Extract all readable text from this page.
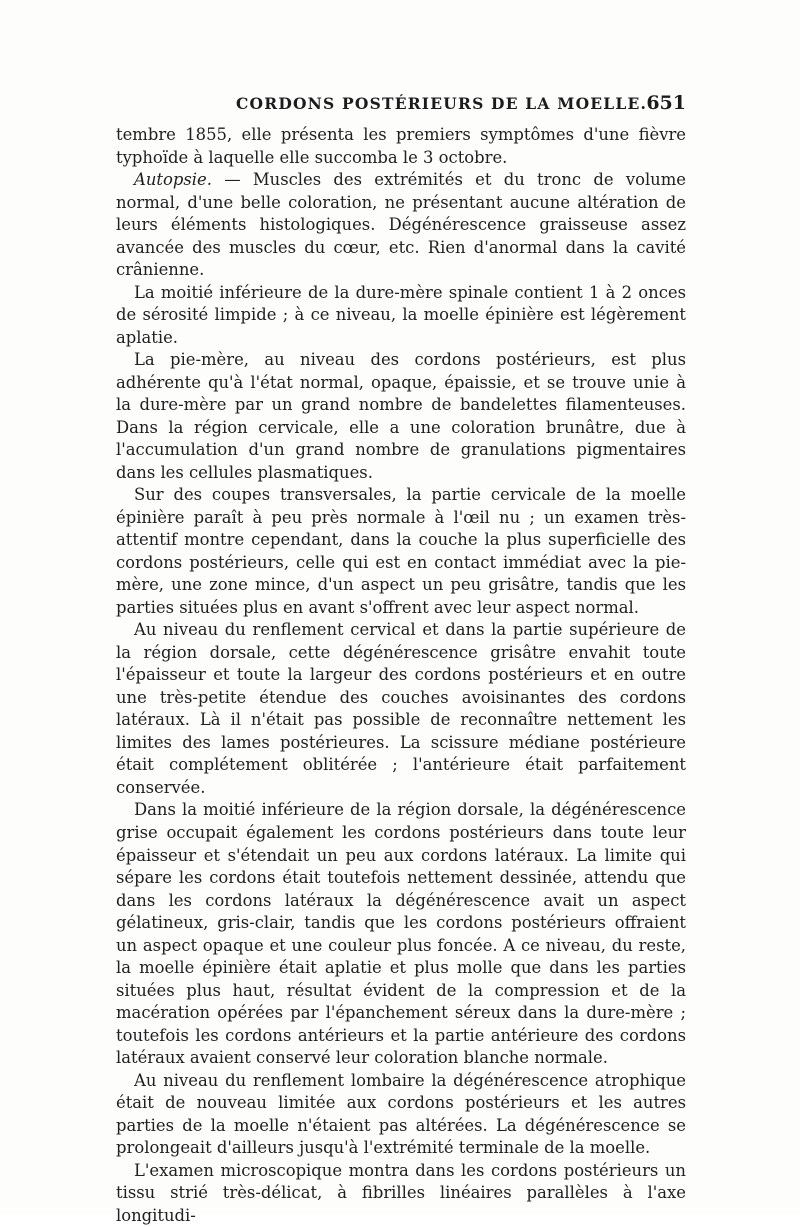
CORDONS POSTÉRIEURS DE LA MOELLE. 651

tembre 1855, elle présenta les premiers symptômes d'une fièvre typhoïde à laquelle elle succomba le 3 octobre.

Autopsie. — Muscles des extrémités et du tronc de volume normal, d'une belle coloration, ne présentant aucune altération de leurs éléments histologiques. Dégénérescence graisseuse assez avancée des muscles du cœur, etc. Rien d'anormal dans la cavité crânienne.

La moitié inférieure de la dure-mère spinale contient 1 à 2 onces de sérosité limpide ; à ce niveau, la moelle épinière est légèrement aplatie.

La pie-mère, au niveau des cordons postérieurs, est plus adhérente qu'à l'état normal, opaque, épaissie, et se trouve unie à la dure-mère par un grand nombre de bandelettes filamenteuses. Dans la région cervicale, elle a une coloration brunâtre, due à l'accumulation d'un grand nombre de granulations pigmentaires dans les cellules plasmatiques.

Sur des coupes transversales, la partie cervicale de la moelle épinière paraît à peu près normale à l'œil nu ; un examen très-attentif montre cependant, dans la couche la plus superficielle des cordons postérieurs, celle qui est en contact immédiat avec la pie-mère, une zone mince, d'un aspect un peu grisâtre, tandis que les parties situées plus en avant s'offrent avec leur aspect normal.

Au niveau du renflement cervical et dans la partie supérieure de la région dorsale, cette dégénérescence grisâtre envahit toute l'épaisseur et toute la largeur des cordons postérieurs et en outre une très-petite étendue des couches avoisinantes des cordons latéraux. Là il n'était pas possible de reconnaître nettement les limites des lames postérieures. La scissure médiane postérieure était complétement oblitérée ; l'antérieure était parfaitement conservée.

Dans la moitié inférieure de la région dorsale, la dégénérescence grise occupait également les cordons postérieurs dans toute leur épaisseur et s'étendait un peu aux cordons latéraux. La limite qui sépare les cordons était toutefois nettement dessinée, attendu que dans les cordons latéraux la dégénérescence avait un aspect gélatineux, gris-clair, tandis que les cordons postérieurs offraient un aspect opaque et une couleur plus foncée. A ce niveau, du reste, la moelle épinière était aplatie et plus molle que dans les parties situées plus haut, résultat évident de la compression et de la macération opérées par l'épanchement séreux dans la dure-mère ; toutefois les cordons antérieurs et la partie antérieure des cordons latéraux avaient conservé leur coloration blanche normale.

Au niveau du renflement lombaire la dégénérescence atrophique était de nouveau limitée aux cordons postérieurs et les autres parties de la moelle n'étaient pas altérées. La dégénérescence se prolongeait d'ailleurs jusqu'à l'extrémité terminale de la moelle.

L'examen microscopique montra dans les cordons postérieurs un tissu strié très-délicat, à fibrilles linéaires parallèles à l'axe longitudi-
